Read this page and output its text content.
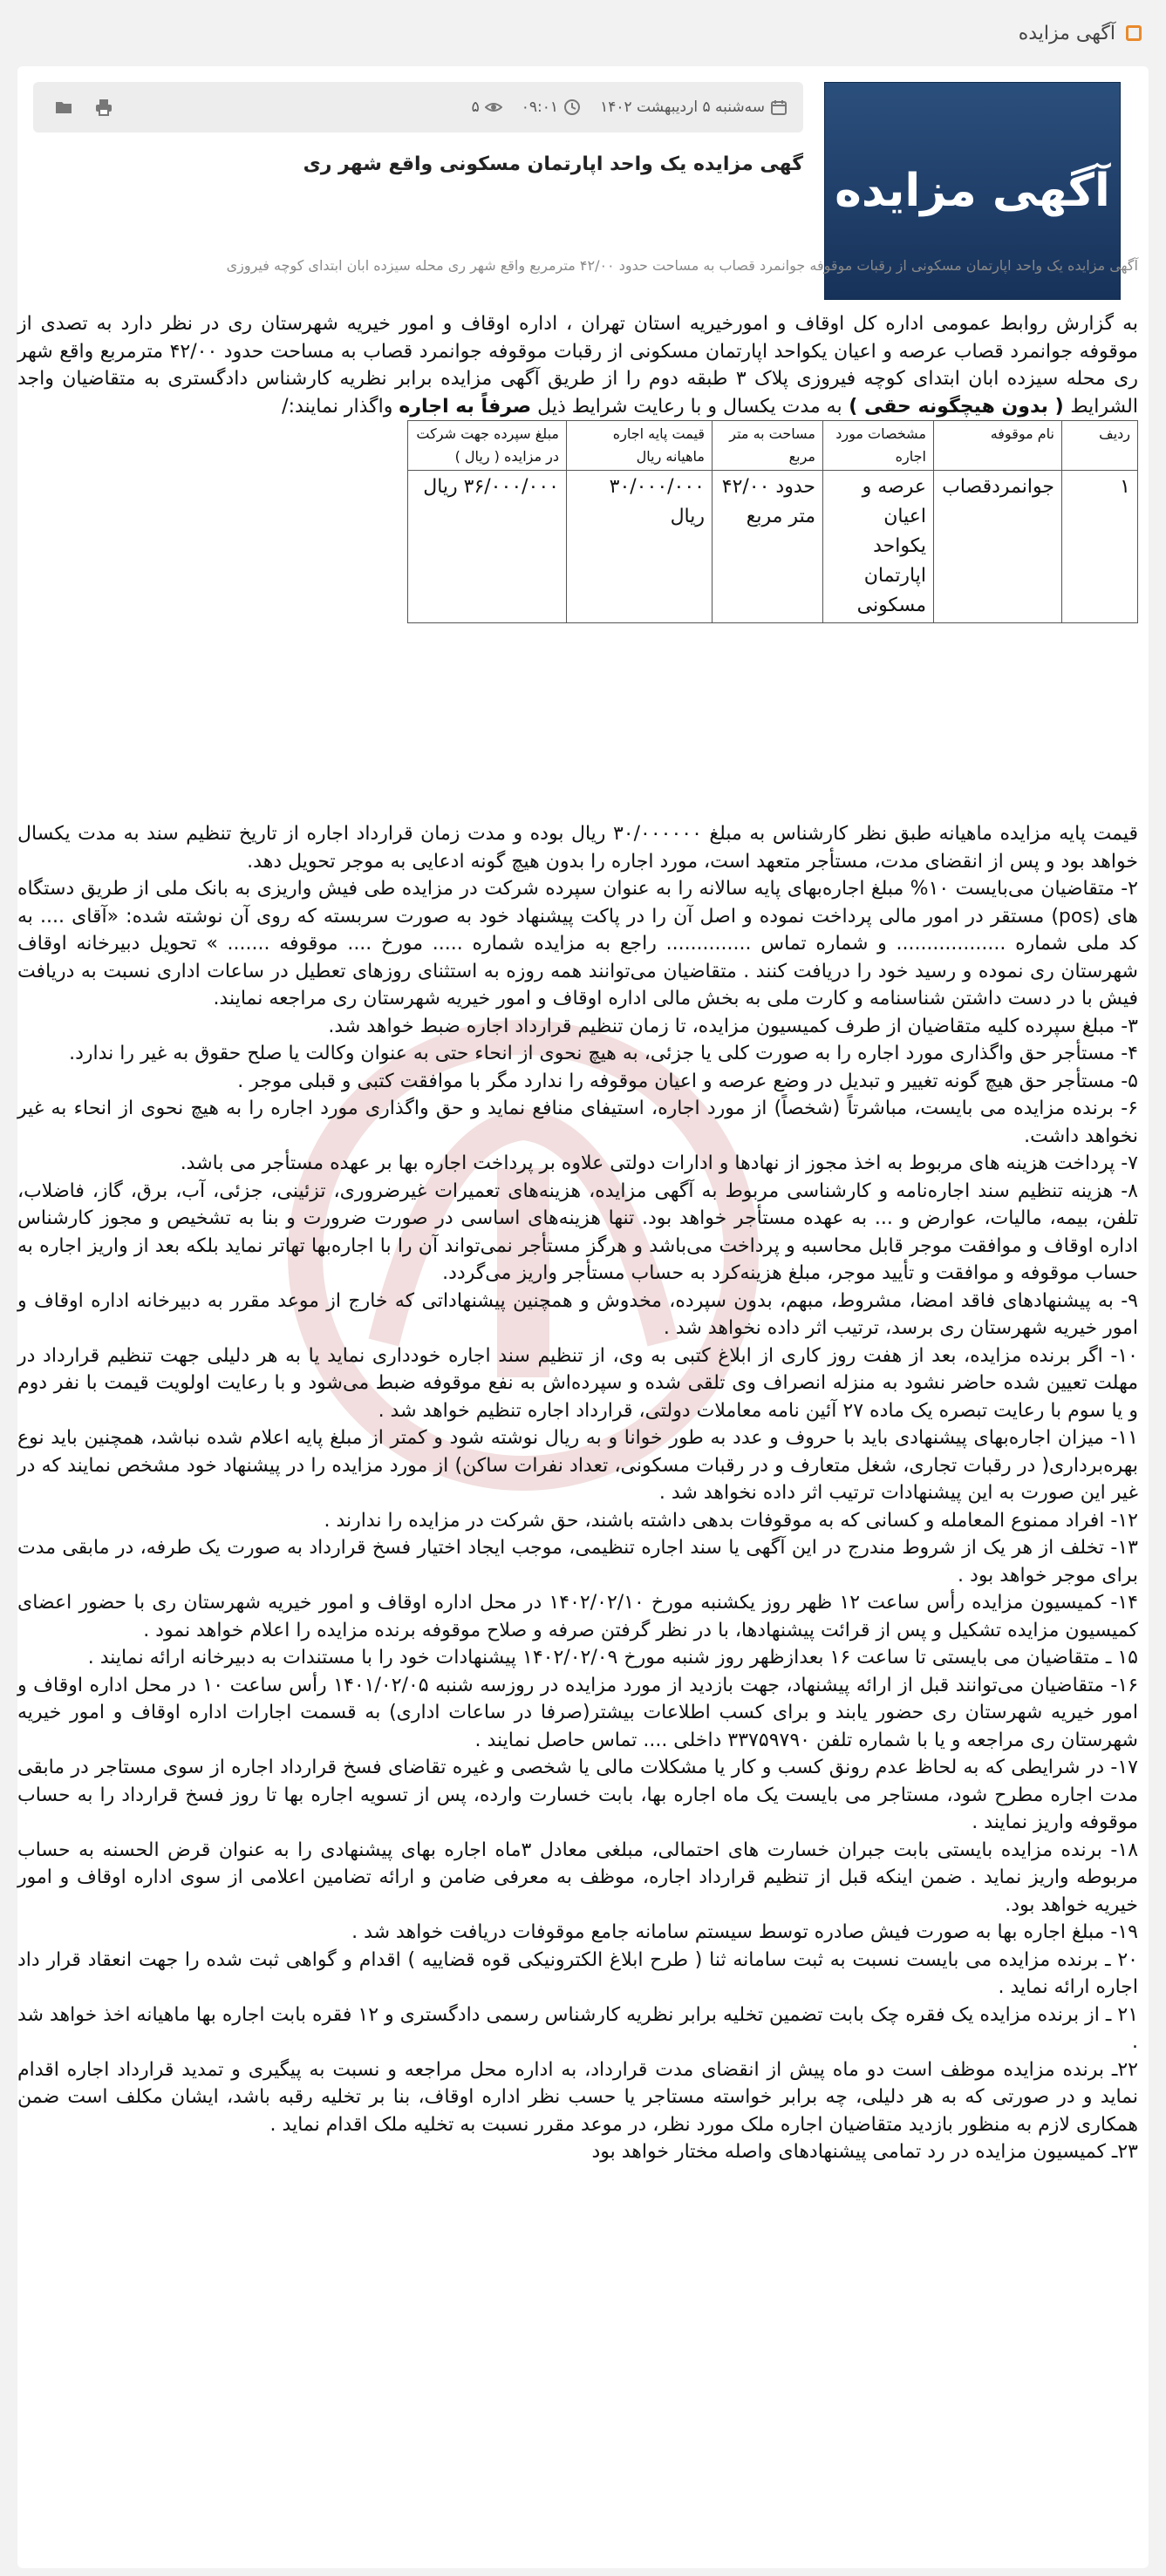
آگهی مزایده
آگهی مزایده
سه‌شنبه ۵ اردیبهشت ۱۴۰۲
۰۹:۰۱
۵
گهی مزایده یک واحد اپارتمان مسکونی واقع شهر ری
آگهی مزایده یک واحد اپارتمان مسکونی از رقبات موقوفه جوانمرد قصاب به مساحت حدود ۴۲/۰۰ مترمربع واقع شهر ری محله سیزده ابان ابتدای کوچه فیروزی

به گزارش روابط عمومی اداره کل اوقاف و امورخیریه استان تهران ، اداره اوقاف و امور خیریه شهرستان ری در نظر دارد به تصدی از موقوفه جوانمرد قصاب عرصه و اعیان یکواحد اپارتمان مسکونی از رقبات موقوفه جوانمرد قصاب به مساحت حدود ۴۲/۰۰ مترمربع واقع شهر ری محله سیزده ابان ابتدای کوچه فیروزی پلاک ۳ طبقه دوم را از طریق آگهی مزایده برابر نظریه کارشناس دادگستری به متقاضیان واجد الشرایط ( بدون هیچگونه حقی ) به مدت یکسال و با رعایت شرایط ذیل صرفاً به اجاره واگذار نمایند:/

ردیف	نام موقوفه	مشخصات مورد اجاره	مساحت به متر مربع	قیمت پایه اجاره ماهیانه ریال	مبلغ سپرده جهت شرکت در مزایده ( ریال )
۱	جوانمردقصاب	عرصه و اعیان یکواحد اپارتمان مسکونی	حدود ۴۲/۰۰ متر مربع	۳۰/۰۰۰/۰۰۰ ریال	۳۶/۰۰۰/۰۰۰ ریال

قیمت پایه مزایده ماهیانه طبق نظر کارشناس به مبلغ ۳۰/۰۰۰۰۰۰ ریال بوده و مدت زمان قرارداد اجاره از تاریخ تنظیم سند به مدت یکسال خواهد بود و پس از انقضای مدت، مستأجر متعهد است، مورد اجاره را بدون هیچ گونه ادعایی به موجر تحویل دهد.

۲- متقاضیان می‌بایست ۱۰% مبلغ اجاره‌بهای پایه سالانه را به عنوان سپرده شرکت در مزایده طی فیش واریزی به بانک ملی از طریق دستگاه های (pos) مستقر در امور مالی پرداخت نموده و اصل آن را در پاکت پیشنهاد خود به صورت سربسته که روی آن نوشته شده: «آقای .... به کد ملی شماره .................. و شماره تماس .............. راجع به مزایده شماره ..... مورخ .... موقوفه ....... » تحویل دبیرخانه اوقاف شهرستان ری نموده و رسید خود را دریافت کنند . متقاضیان می‌توانند همه روزه به استثنای روزهای تعطیل در ساعات اداری نسبت به دریافت فیش با در دست داشتن شناسنامه و کارت ملی به بخش مالی اداره اوقاف و امور خیریه شهرستان ری مراجعه نمایند.

۳- مبلغ سپرده کلیه متقاضیان از طرف کمیسیون مزایده، تا زمان تنظیم قرارداد اجاره ضبط خواهد شد.

۴- مستأجر حق واگذاری مورد اجاره را به صورت کلی یا جزئی، به هیچ نحوی از انحاء حتی به عنوان وکالت یا صلح حقوق به غیر را ندارد.

۵- مستأجر حق هیچ گونه تغییر و تبدیل در وضع عرصه و اعیان موقوفه را ندارد مگر با موافقت کتبی و قبلی موجر .

۶- برنده مزایده می بایست، مباشرتاً (شخصاً) از مورد اجاره، استیفای منافع نماید و حق واگذاری مورد اجاره را به هیچ نحوی از انحاء به غیر نخواهد داشت.

۷- پرداخت هزینه های مربوط به اخذ مجوز از نهادها و ادارات دولتی علاوه بر پرداخت اجاره بها بر عهده مستأجر می باشد.

۸- هزینه تنظیم سند اجاره‌نامه و کارشناسی مربوط به آگهی مزایده، هزینه‌های تعمیرات غیرضروری، تزئینی، جزئی، آب، برق، گاز، فاضلاب، تلفن، بیمه، مالیات، عوارض و ... به عهده مستأجر خواهد بود. تنها هزینه‌های اساسی در صورت ضرورت و بنا به تشخیص و مجوز کارشناس اداره اوقاف و موافقت موجر قابل محاسبه و پرداخت می‌باشد و هرگز مستأجر نمی‌تواند آن را با اجاره‌بها تهاتر نماید بلکه بعد از واریز اجاره به حساب موقوفه و موافقت و تأیید موجر، مبلغ هزینه‌کرد به حساب مستأجر واریز می‌گردد.

۹- به پیشنهادهای فاقد امضا، مشروط، مبهم، بدون سپرده، مخدوش و همچنین پیشنهاداتی که خارج از موعد مقرر به دبیرخانه اداره اوقاف و امور خیریه شهرستان ری برسد، ترتیب اثر داده نخواهد شد .

۱۰- اگر برنده مزایده، بعد از هفت روز کاری از ابلاغ کتبی به وی، از تنظیم سند اجاره خودداری نماید یا به هر دلیلی جهت تنظیم قرارداد در مهلت تعیین شده حاضر نشود به منزله انصراف وی تلقی شده و سپرده‌اش به نفع موقوفه ضبط می‌شود و با رعایت اولویت قیمت با نفر دوم و یا سوم با رعایت تبصره یک ماده ۲۷ آئین نامه معاملات دولتی، قرارداد اجاره تنظیم خواهد شد .

۱۱- میزان اجاره‌بهای پیشنهادی باید با حروف و عدد به طور خوانا و به ریال نوشته شود و کمتر از مبلغ پایه اعلام شده نباشد، همچنین باید نوع بهره‌برداری( در رقبات تجاری، شغل متعارف و در رقبات مسکونی، تعداد نفرات ساکن) از مورد مزایده را در پیشنهاد خود مشخص نمایند که در غیر این صورت به این پیشنهادات ترتیب اثر داده نخواهد شد .

۱۲- افراد ممنوع المعامله و کسانی که به موقوفات بدهی داشته باشند، حق شرکت در مزایده را ندارند .

۱۳- تخلف از هر یک از شروط مندرج در این آگهی یا سند اجاره تنظیمی، موجب ایجاد اختیار فسخ قرارداد به صورت یک طرفه، در مابقی مدت برای موجر خواهد بود .

۱۴- کمیسیون مزایده رأس ساعت ۱۲ ظهر روز یکشنبه مورخ ۱۴۰۲/۰۲/۱۰ در محل اداره اوقاف و امور خیریه شهرستان ری با حضور اعضای کمیسیون مزایده تشکیل و پس از قرائت پیشنهادها، با در نظر گرفتن صرفه و صلاح موقوفه برنده مزایده را اعلام خواهد نمود .

۱۵ ـ متقاضیان می بایستی تا ساعت ۱۶ بعدازظهر روز شنبه مورخ ۱۴۰۲/۰۲/۰۹ پیشنهادات خود را با مستندات به دبیرخانه ارائه نمایند .

۱۶- متقاضیان می‌توانند قبل از ارائه پیشنهاد، جهت بازدید از مورد مزایده در روزسه شنبه ۱۴۰۱/۰۲/۰۵ رأس ساعت ۱۰ در محل اداره اوقاف و امور خیریه شهرستان ری حضور یابند و برای کسب اطلاعات بیشتر(صرفا در ساعات اداری) به قسمت اجارات اداره اوقاف و امور خیریه شهرستان ری مراجعه و یا با شماره تلفن ۳۳۷۵۹۷۹۰ داخلی .... تماس حاصل نمایند .

۱۷- در شرایطی که به لحاظ عدم رونق کسب و کار یا مشکلات مالی یا شخصی و غیره تقاضای فسخ قرارداد اجاره از سوی مستاجر در مابقی مدت اجاره مطرح شود، مستاجر می بایست یک ماه اجاره بها، بابت خسارت وارده، پس از تسویه اجاره بها تا روز فسخ قرارداد را به حساب موقوفه واریز نمایند .

۱۸- برنده مزایده بایستی بابت جبران خسارت های احتمالی، مبلغی معادل ۳ماه اجاره بهای پیشنهادی را به عنوان قرض الحسنه به حساب مربوطه واریز نماید . ضمن اینکه قبل از تنظیم قرارداد اجاره، موظف به معرفی ضامن و ارائه تضامین اعلامی از سوی اداره اوقاف و امور خیریه خواهد بود.

۱۹- مبلغ اجاره بها به صورت فیش صادره توسط سیستم سامانه جامع موقوفات دریافت خواهد شد .

۲۰ ـ برنده مزایده می بایست نسبت به ثبت سامانه ثنا ( طرح ابلاغ الکترونیکی قوه قضاییه ) اقدام و گواهی ثبت شده را جهت انعقاد قرار داد اجاره ارائه نماید .

۲۱ ـ از برنده مزایده یک فقره چک بابت تضمین تخلیه برابر نظریه کارشناس رسمی دادگستری و ۱۲ فقره بابت اجاره بها ماهیانه اخذ خواهد شد .

۲۲ـ برنده مزایده موظف است دو ماه پیش از انقضای مدت قرارداد، به اداره محل مراجعه و نسبت به پیگیری و تمدید قرارداد اجاره اقدام نماید و در صورتی که به هر دلیلی، چه برابر خواسته مستاجر یا حسب نظر اداره اوقاف، بنا بر تخلیه رقبه باشد، ایشان مکلف است ضمن همکاری لازم به منظور بازدید متقاضیان اجاره ملک مورد نظر، در موعد مقرر نسبت به تخلیه ملک اقدام نماید .

۲۳ـ کمیسیون مزایده در رد تمامی پیشنهادهای واصله مختار خواهد بود
